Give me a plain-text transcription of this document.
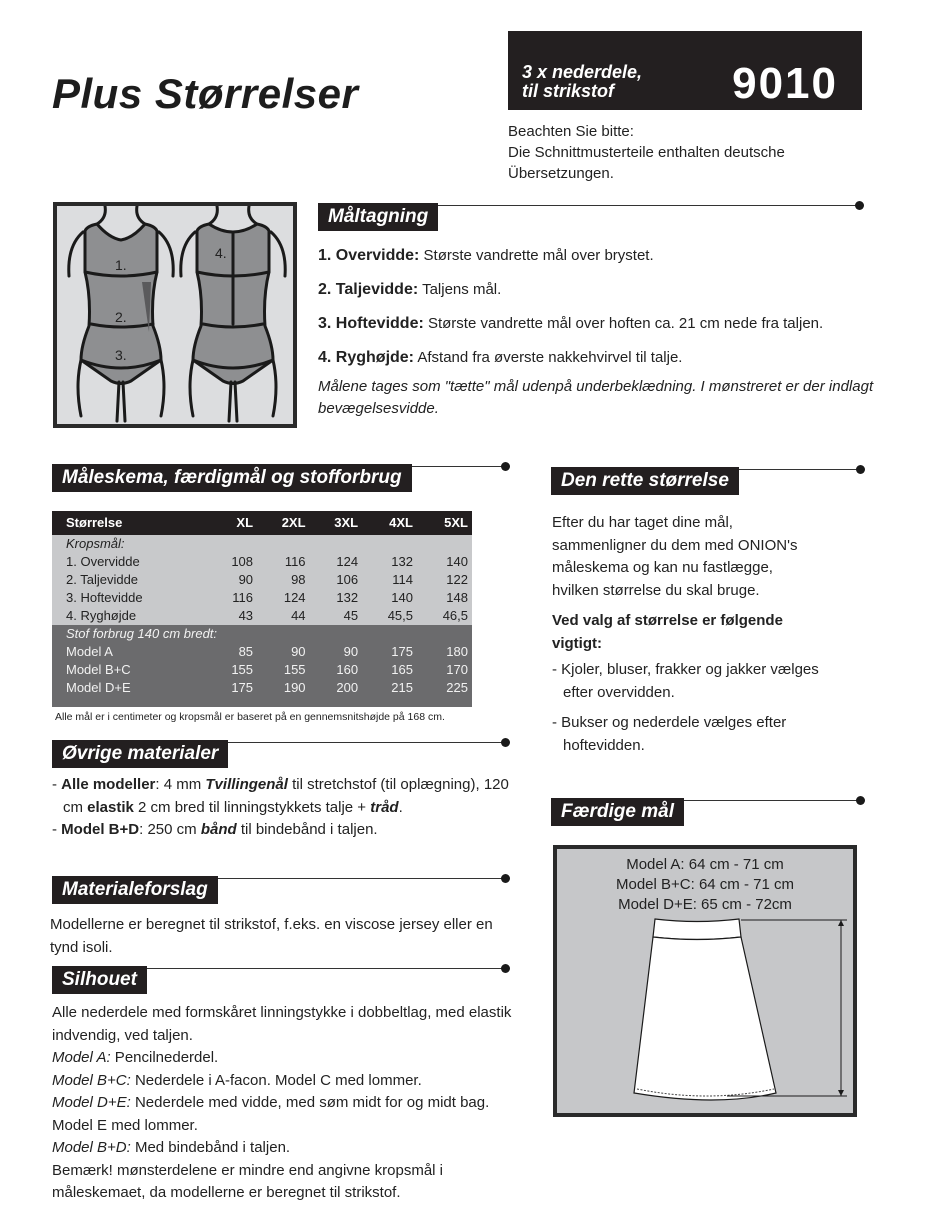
Plus Størrelser	3 x nederdele,
til strikstof	9010
Beachten Sie bitte:
Die Schnittmusterteile enthalten deutsche
Übersetzungen.
1.
2.
3.
4.
Måltagning
1. Overvidde: Største vandrette mål over brystet.
2. Taljevidde: Taljens mål.
3. Hoftevidde: Største vandrette mål over hoften ca. 21 cm nede fra taljen.
4. Ryghøjde: Afstand fra øverste nakkehvirvel til talje.
Målene tages som "tætte" mål udenpå underbeklædning. I mønstreret er der indlagt bevægelsesvidde.
Måleskema, færdigmål og stofforbrug
Størrelse	XL	2XL	3XL	4XL	5XL
Kropsmål:					
1. Overvidde	108	116	124	132	140
2. Taljevidde	90	98	106	114	122
3. Hoftevidde	116	124	132	140	148
4. Ryghøjde	43	44	45	45,5	46,5
Stof forbrug 140 cm bredt:					
Model A	85	90	90	175	180
Model B+C	155	155	160	165	170
Model D+E	175	190	200	215	225

Alle mål er i centimeter og kropsmål er baseret på en gennemsnitshøjde på 168 cm.
Øvrige materialer
- Alle modeller: 4 mm Tvillingenål til stretchstof (til oplægning), 120 cm elastik 2 cm bred til linningstykkets talje + tråd.
- Model B+D: 250 cm bånd til bindebånd i taljen.
Materialeforslag
Modellerne er beregnet til strikstof, f.eks. en viscose jersey eller en tynd isoli.
Silhouet
Alle nederdele med formskåret linningstykke i dobbeltlag, med elastik indvendig, ved taljen.
Model A: Pencilnederdel.
Model B+C: Nederdele i A-facon. Model C med lommer.
Model D+E: Nederdele med vidde, med søm midt for og midt bag. Model E med lommer.
Model B+D: Med bindebånd i taljen.
Bemærk! mønsterdelene er mindre end angivne kropsmål i måleskemaet, da modellerne er beregnet til strikstof.
Den rette størrelse
Efter du har taget dine mål, sammenligner du dem med ONION's måleskema og kan nu fastlægge, hvilken størrelse du skal bruge.
Ved valg af størrelse er følgende vigtigt:
- Kjoler, bluser, frakker og jakker vælges efter overvidden.
- Bukser og nederdele vælges efter hoftevidden.
Færdige mål
Model A: 64 cm - 71 cm
Model B+C: 64 cm - 71 cm
Model D+E: 65 cm - 72cm
